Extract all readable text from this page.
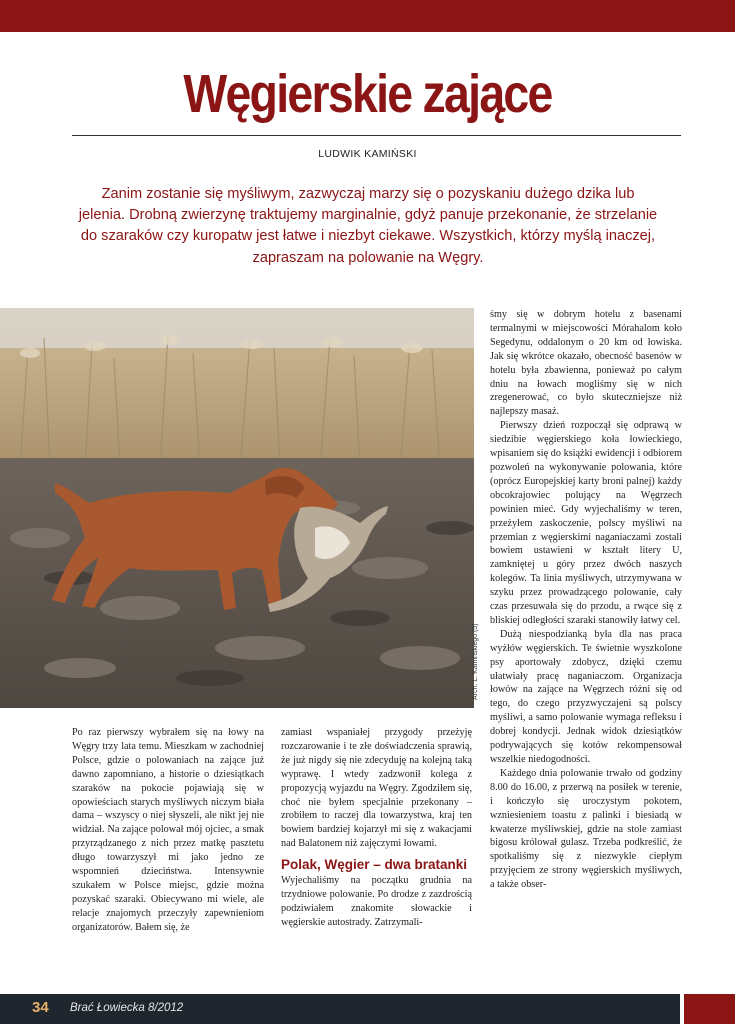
Węgierskie zające
LUDWIK KAMIŃSKI

Zanim zostanie się myśliwym, zazwyczaj marzy się o pozyskaniu dużego dzika lub jelenia. Drobną zwierzynę traktujemy marginalnie, gdyż panuje przekonanie, że strzelanie do szaraków czy kuropatw jest łatwe i niezbyt ciekawe. Wszystkich, którzy myślą inaczej, zapraszam na polowanie na Węgry.

Arch. L. Kamińskiego (5)

Po raz pierwszy wybrałem się na łowy na Węgry trzy lata temu. Mieszkam w zachodniej Polsce, gdzie o polowaniach na zające już dawno zapomniano, a historie o dziesiątkach szaraków na pokocie pojawiają się w opowieściach starych myśliwych niczym biała dama – wszyscy o niej słyszeli, ale nikt jej nie widział. Na zające polował mój ojciec, a smak przyrządzanego z nich przez matkę pasztetu długo towarzyszył mi jako jedno ze wspomnień dzieciństwa. Intensywnie szukałem w Polsce miejsc, gdzie można pozyskać szaraki. Obiecywano mi wiele, ale relacje znajomych przeczyły zapewnieniom organizatorów. Bałem się, że

zamiast wspaniałej przygody przeżyję rozczarowanie i te złe doświadczenia sprawią, że już nigdy się nie zdecyduję na kolejną taką wyprawę. I wtedy zadzwonił kolega z propozycją wyjazdu na Węgry. Zgodziłem się, choć nie byłem specjalnie przekonany – zrobiłem to raczej dla towarzystwa, kraj ten bowiem bardziej kojarzył mi się z wakacjami nad Balatonem niż zajęczymi łowami.

Polak, Węgier – dwa bratanki

Wyjechaliśmy na początku grudnia na trzydniowe polowanie. Po drodze z zazdrością podziwiałem znakomite słowackie i węgierskie autostrady. Zatrzymali-

śmy się w dobrym hotelu z basenami termalnymi w miejscowości Mórahalom koło Segedynu, oddalonym o 20 km od łowiska. Jak się wkrótce okazało, obecność basenów w hotelu była zbawienna, ponieważ po całym dniu na łowach mogliśmy się w nich zregenerować, co było skuteczniejsze niż najlepszy masaż.

Pierwszy dzień rozpoczął się odprawą w siedzibie węgierskiego koła łowieckiego, wpisaniem się do książki ewidencji i odbiorem pozwoleń na wykonywanie polowania, które (oprócz Europejskiej karty broni palnej) każdy obcokrajowiec polujący na Węgrzech powinien mieć. Gdy wyjechaliśmy w teren, przeżyłem zaskoczenie, polscy myśliwi na przemian z węgierskimi naganiaczami zostali bowiem ustawieni w kształt litery U, zamkniętej u góry przez dwóch naszych kolegów. Ta linia myśliwych, utrzymywana w szyku przez prowadzącego polowanie, cały czas przesuwała się do przodu, a rwące się z bliskiej odległości szaraki stanowiły łatwy cel.

Dużą niespodzianką była dla nas praca wyżłów węgierskich. Te świetnie wyszkolone psy aportowały zdobycz, dzięki czemu ułatwiały pracę naganiaczom. Organizacja łowów na zające na Węgrzech różni się od tego, do czego przyzwyczajeni są polscy myśliwi, a samo polowanie wymaga refleksu i dobrej kondycji. Jednak widok dziesiątków podrywających się kotów rekompensował wszelkie niedogodności.

Każdego dnia polowanie trwało od godziny 8.00 do 16.00, z przerwą na posiłek w terenie, i kończyło się uroczystym pokotem, wzniesieniem toastu z palinki i biesiadą w kwaterze myśliwskiej, gdzie na stole zamiast bigosu królował gulasz. Trzeba podkreślić, że spotkaliśmy się z niezwykle ciepłym przyjęciem ze strony węgierskich myśliwych, a także obser-

34 Brać Łowiecka 8/2012
